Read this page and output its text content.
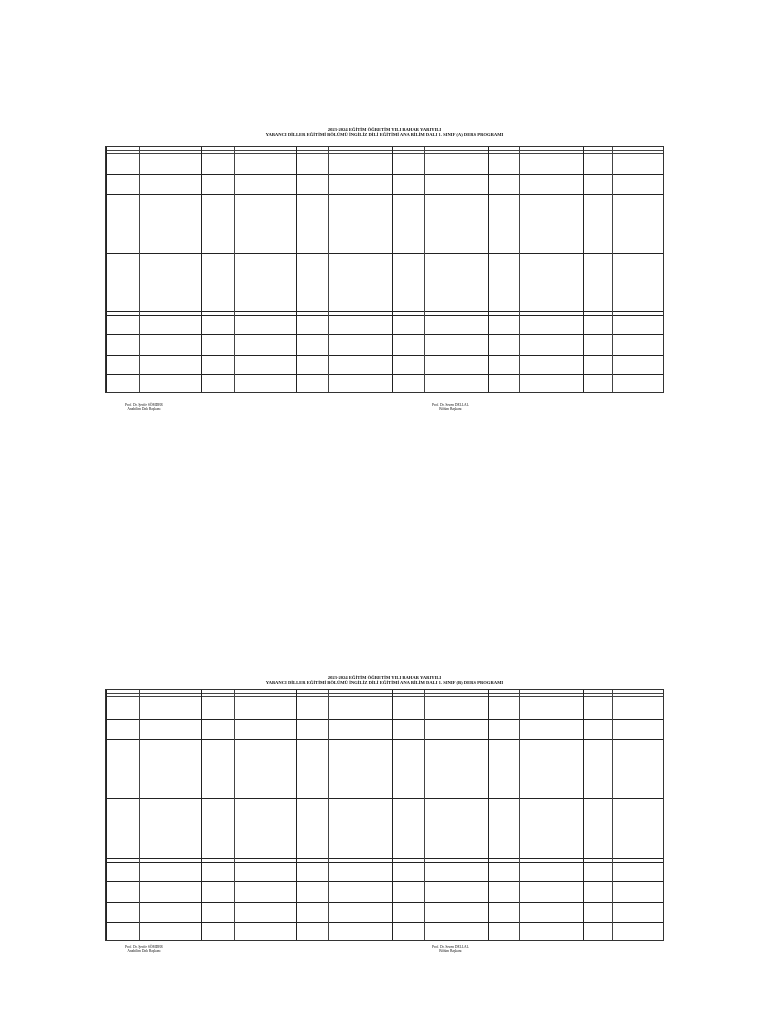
2023-2024 EĞİTİM ÖĞRETİM YILI BAHAR YARIYILI
YABANCI DİLLER EĞİTİMİ BÖLÜMÜ İNGİLİZ DİLİ EĞİTİMİ ANA BİLİM DALI 1. SINIF (A) DERS PROGRAMI
Prof. Dr. Şerife SÖMDER
Anabilim Dalı Başkanı
Prof. Dr. Sezen DELLAL
Bölüm Başkanı
2023-2024 EĞİTİM ÖĞRETİM YILI BAHAR YARIYILI
YABANCI DİLLER EĞİTİMİ BÖLÜMÜ İNGİLİZ DİLİ EĞİTİMİ ANA BİLİM DALI 1. SINIF (B) DERS PROGRAMI
Prof. Dr. Şerife SÖMDER
Anabilim Dalı Başkanı
Prof. Dr. Sezen DELLAL
Bölüm Başkanı
